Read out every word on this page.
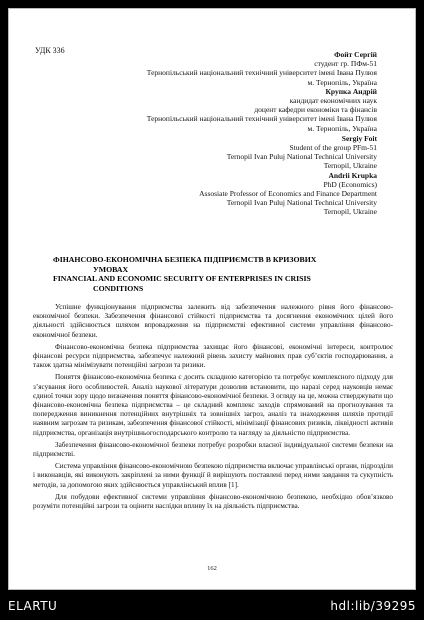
УДК 336	Фойт Сергій
студент гр. ПФм-51
Тернопільський національний технічний університет імені Івана Пулюя
м. Тернопіль, Україна
Крупка Андрій
кандидат економічних наук
доцент кафедри економіки та фінансів
Тернопільський національний технічний університет імені Івана Пулюя
м. Тернопіль, Україна
Sergiy Foit
Student of the group PFm-51
Ternopil Ivan Puluj National Technical University
Ternopil, Ukraine
Andrii Krupka
PhD (Economics)
Assosiate Professor of Economics and Finance Department
Ternopil Ivan Puluj National Technical University
Ternopil, Ukraine
ФІНАНСОВО-ЕКОНОМІЧНА БЕЗПЕКА ПІДПРИЄМСТВ В КРИЗОВИХ
УМОВАХ
FINANCIAL AND ECONOMIC SECURITY OF ENTERPRISES IN CRISIS
CONDITIONS

Успішне функціонування підприємства залежить від забезпечення належного рівня його фінансово-економічної безпеки. Забезпечення фінансової стійкості підприємства та досягнення економічних цілей його діяльності здійснюється шляхом впровадження на підприємстві ефективної системи управління фінансово-економічної безпеки.

Фінансово-економічна безпека підприємства захищає його фінансові, економічні інтереси, контролює фінансові ресурси підприємства, забезпечує належний рівень захисту майнових прав суб’єктів господарювання, а також здатна мінімізувати потенційні загрози та ризики.

Поняття фінансово-економічна безпека є досить складною категорією та потребує комплексного підходу для з’ясування його особливостей. Аналіз наукової літератури дозволив встановити, що наразі серед науковців немає єдиної точки зору щодо визначення поняття фінансово-економічної безпеки. З огляду на це, можна стверджувати що фінансово-економічна безпека підприємства – це складний комплекс заходів спрямований на прогнозування та попередження виникнення потенційних внутрішніх та зовнішніх загроз, аналіз та знаходження шляхів протидії наявним загрозам та ризикам, забезпечення фінансової стійкості, мінімізації фінансових ризиків, ліквідності активів підприємства, організація внутрішньогосподарського контролю та нагляду за діяльністю підприємства.

Забезпечення фінансово-економічної безпеки потребує розробки власної індивідуальної системи безпеки на підприємстві.

Система управління фінансово-економічною безпекою підприємства включає управлінські органи, підрозділи і виконавців, які виконують закріплені за ними функції й вирішують поставлені перед ними завдання та сукупність методів, за допомогою яких здійснюється управлінський вплив [1].

Для побудови ефективної системи управління фінансово-економічною безпекою, необхідно обов’язково розуміти потенційні загрози та оцінити наслідки впливу їх на діяльність підприємства.

162
ELARTU	hdl:lib/39295
